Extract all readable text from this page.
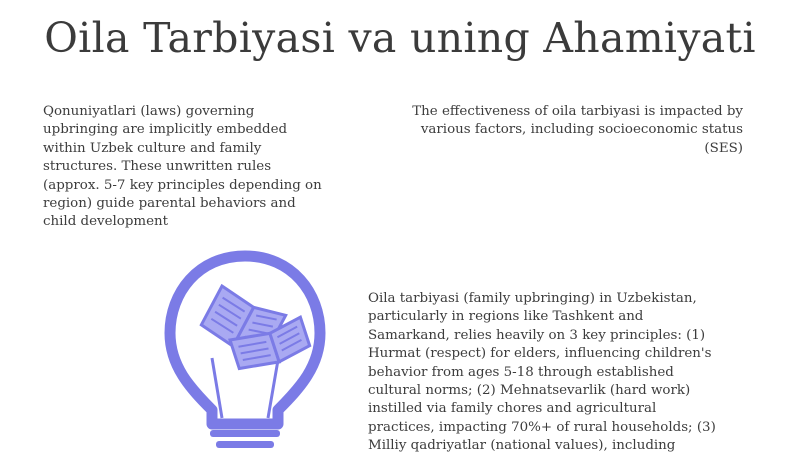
Oila Tarbiyasi va uning Ahamiyati
Qonuniyatlari (laws) governing
upbringing are implicitly embedded
within Uzbek culture and family
structures. These unwritten rules
(approx. 5-7 key principles depending on
region) guide parental behaviors and
child development
The effectiveness of oila tarbiyasi is impacted by
various factors, including socioeconomic status
(SES)
Oila tarbiyasi (family upbringing) in Uzbekistan,
particularly in regions like Tashkent and
Samarkand, relies heavily on 3 key principles: (1)
Hurmat (respect) for elders, influencing children's
behavior from ages 5-18 through established
cultural norms; (2) Mehnatsevarlik (hard work)
instilled via family chores and agricultural
practices, impacting 70%+ of rural households; (3)
Milliy qadriyatlar (national values), including
